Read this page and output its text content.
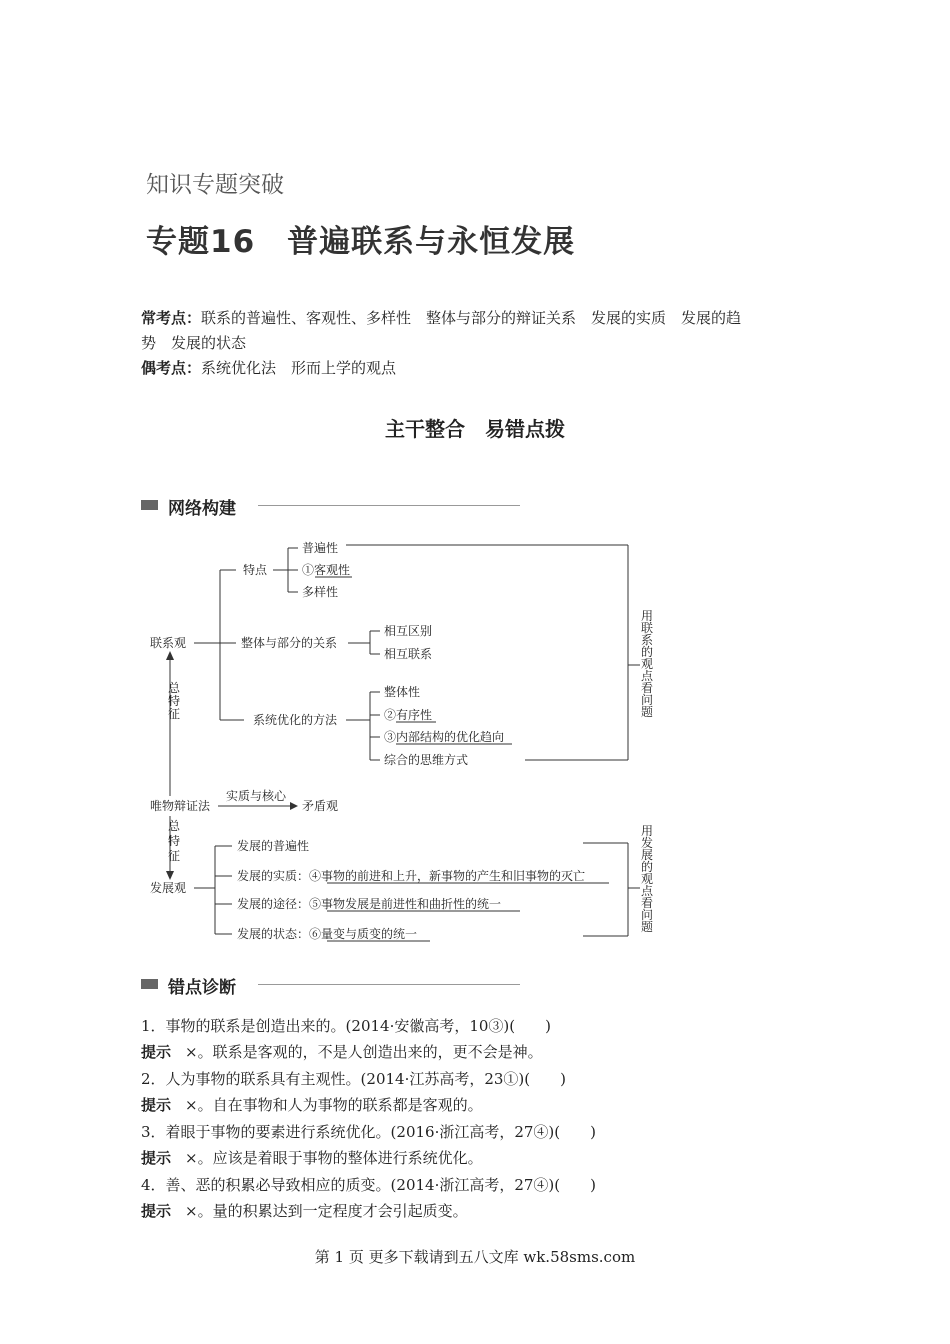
知识专题突破
专题16　普遍联系与永恒发展
常考点：联系的普遍性、客观性、多样性　整体与部分的辩证关系　发展的实质　发展的趋
势　发展的状态
偶考点：系统优化法　形而上学的观点
主干整合　易错点拨
网络构建
联系观
特点
普遍性
①客观性
多样性
整体与部分的关系
相互区别
相互联系
系统优化的方法
整体性
②有序性
③内部结构的优化趋向
综合的思维方式
唯物辩证法
实质与核心
矛盾观
发展观
发展的普遍性
发展的实质：④事物的前进和上升，新事物的产生和旧事物的灭亡
发展的途径：⑤事物发展是前进性和曲折性的统一
发展的状态：⑥量变与质变的统一
总特征
总特征
用联系的观点看问题
用发展的观点看问题
错点诊断
1．事物的联系是创造出来的。(2014·安徽高考，10③)(　　)
提示 ×。联系是客观的，不是人创造出来的，更不会是神。
2．人为事物的联系具有主观性。(2014·江苏高考，23①)(　　)
提示 ×。自在事物和人为事物的联系都是客观的。
3．着眼于事物的要素进行系统优化。(2016·浙江高考，27④)(　　)
提示 ×。应该是着眼于事物的整体进行系统优化。
4．善、恶的积累必导致相应的质变。(2014·浙江高考，27④)(　　)
提示 ×。量的积累达到一定程度才会引起质变。
第 1 页 更多下载请到五八文库 wk.58sms.com
